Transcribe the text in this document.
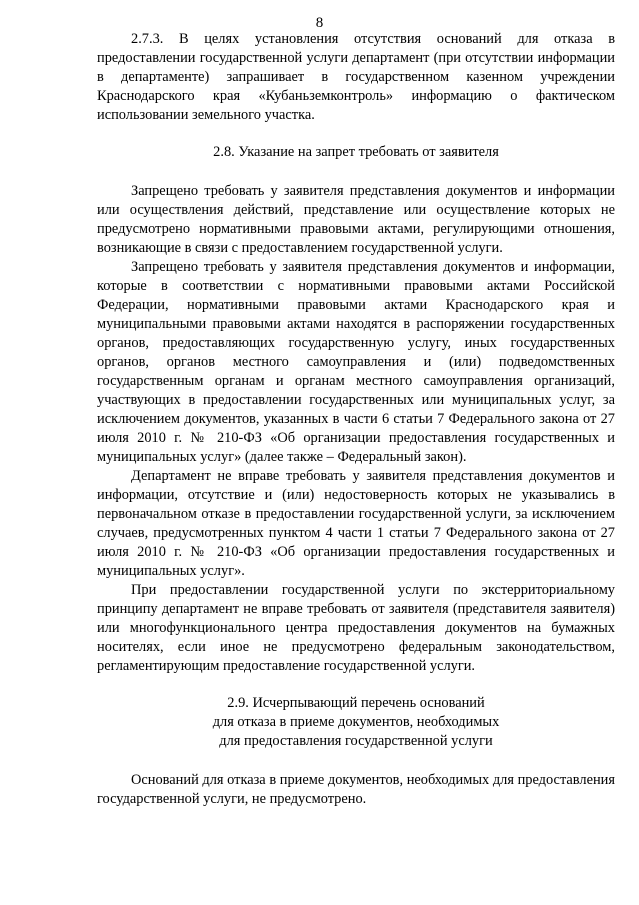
8

2.7.3. В целях установления отсутствия оснований для отказа в предоставлении государственной услуги департамент (при отсутствии информации в департаменте) запрашивает в государственном казенном учреждении Краснодарского края «Кубаньземконтроль» информацию о фактическом использовании земельного участка.

2.8. Указание на запрет требовать от заявителя

Запрещено требовать у заявителя представления документов и информации или осуществления действий, представление или осуществление которых не предусмотрено нормативными правовыми актами, регулирующими отношения, возникающие в связи с предоставлением государственной услуги.

Запрещено требовать у заявителя представления документов и информации, которые в соответствии с нормативными правовыми актами Российской Федерации, нормативными правовыми актами Краснодарского края и муниципальными правовыми актами находятся в распоряжении государственных органов, предоставляющих государственную услугу, иных государственных органов, органов местного самоуправления и (или) подведомственных государственным органам и органам местного самоуправления организаций, участвующих в предоставлении государственных или муниципальных услуг, за исключением документов, указанных в части 6 статьи 7 Федерального закона от 27 июля 2010 г. № 210-ФЗ «Об организации предоставления государственных и муниципальных услуг» (далее также – Федеральный закон).

Департамент не вправе требовать у заявителя представления документов и информации, отсутствие и (или) недостоверность которых не указывались в первоначальном отказе в предоставлении государственной услуги, за исключением случаев, предусмотренных пунктом 4 части 1 статьи 7 Федерального закона от 27 июля 2010 г. № 210-ФЗ «Об организации предоставления государственных и муниципальных услуг».

При предоставлении государственной услуги по экстерриториальному принципу департамент не вправе требовать от заявителя (представителя заявителя) или многофункционального центра предоставления документов на бумажных носителях, если иное не предусмотрено федеральным законодательством, регламентирующим предоставление государственной услуги.

2.9. Исчерпывающий перечень оснований

для отказа в приеме документов, необходимых

для предоставления государственной услуги

Оснований для отказа в приеме документов, необходимых для предоставления государственной услуги, не предусмотрено.
